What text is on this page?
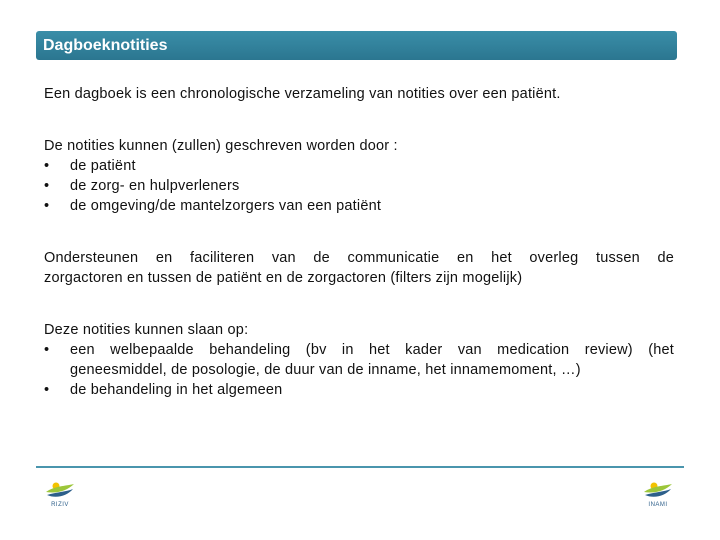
Dagboeknotities

Een dagboek is een chronologische verzameling van notities over een patiënt.

De notities kunnen (zullen) geschreven worden door :

• de patiënt
• de zorg- en hulpverleners
• de omgeving/de mantelzorgers van een patiënt

Ondersteunen en faciliteren van de communicatie en het overleg tussen de
zorgactoren en tussen de patiënt en de zorgactoren (filters zijn mogelijk)

Deze notities kunnen slaan op:

• een welbepaalde behandeling (bv in het kader van medication review) (het
geneesmiddel, de posologie, de duur van de inname, het innamemoment, …)
• de behandeling in het algemeen
RIZIV	INAMI
